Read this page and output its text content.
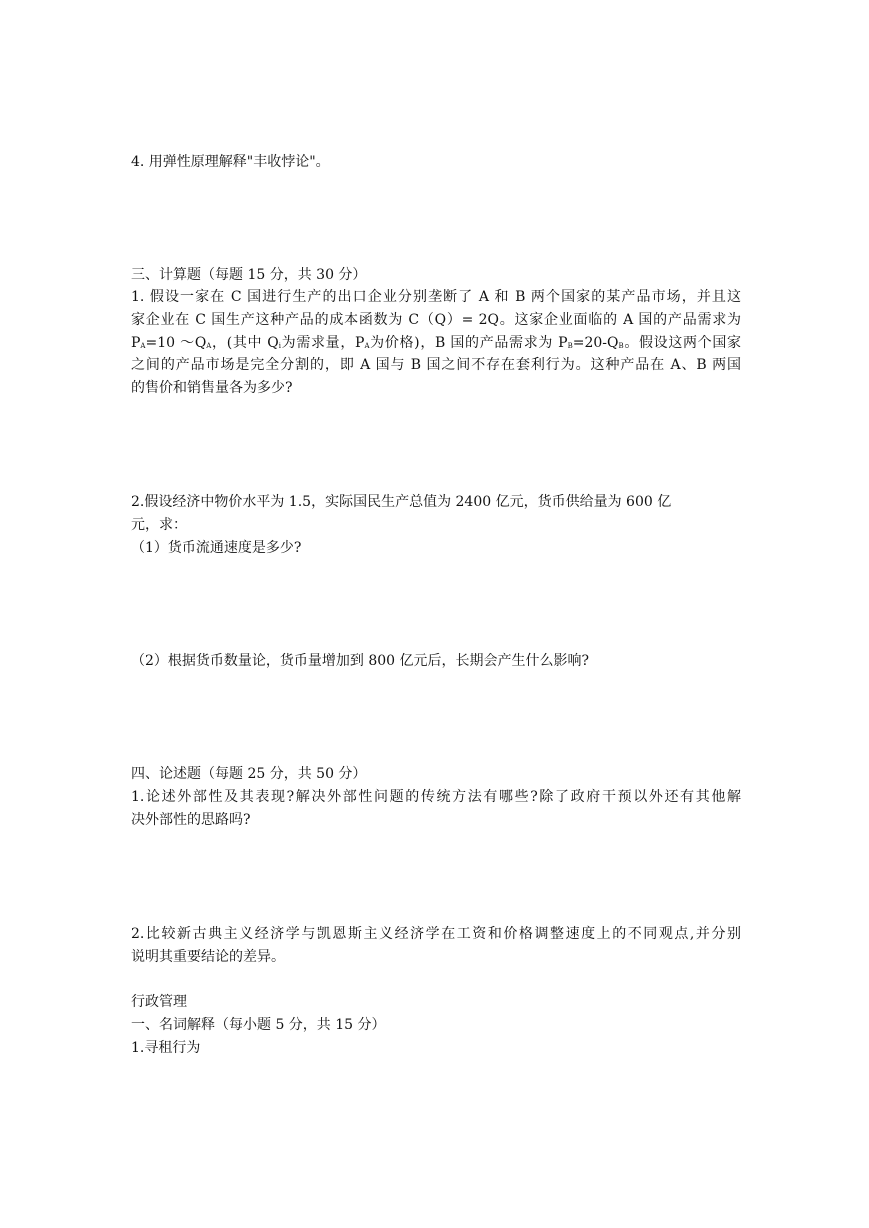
4. 用弹性原理解释"丰收悖论"。
三、计算题（每题 15 分，共 30 分）
1. 假设一家在 C 国进行生产的出口企业分别垄断了 A 和 B 两个国家的某产品市场，并且这
家企业在 C 国生产这种产品的成本函数为 C（Q）= 2Q。这家企业面临的 A 国的产品需求为
$P_A=10$ $\sim Q_A$，(其中 $Q_i$为需求量，$P_A$为价格)，B 国的产品需求为 $P_B=20-Q_B$。假设这两个国家
之间的产品市场是完全分割的，即 A 国与 B 国之间不存在套利行为。这种产品在 A、B 两国
的售价和销售量各为多少?
2.假设经济中物价水平为 1.5，实际国民生产总值为 2400 亿元，货币供给量为 600 亿
元，求：
（1）货币流通速度是多少?
（2）根据货币数量论，货币量增加到 800 亿元后，长期会产生什么影响?
四、论述题（每题 25 分，共 50 分）
1.论述外部性及其表现?解决外部性问题的传统方法有哪些?除了政府干预以外还有其他解
决外部性的思路吗?
2.比较新古典主义经济学与凯恩斯主义经济学在工资和价格调整速度上的不同观点,并分别
说明其重要结论的差异。
行政管理
一、名词解释（每小题 5 分，共 15 分）
1.寻租行为
